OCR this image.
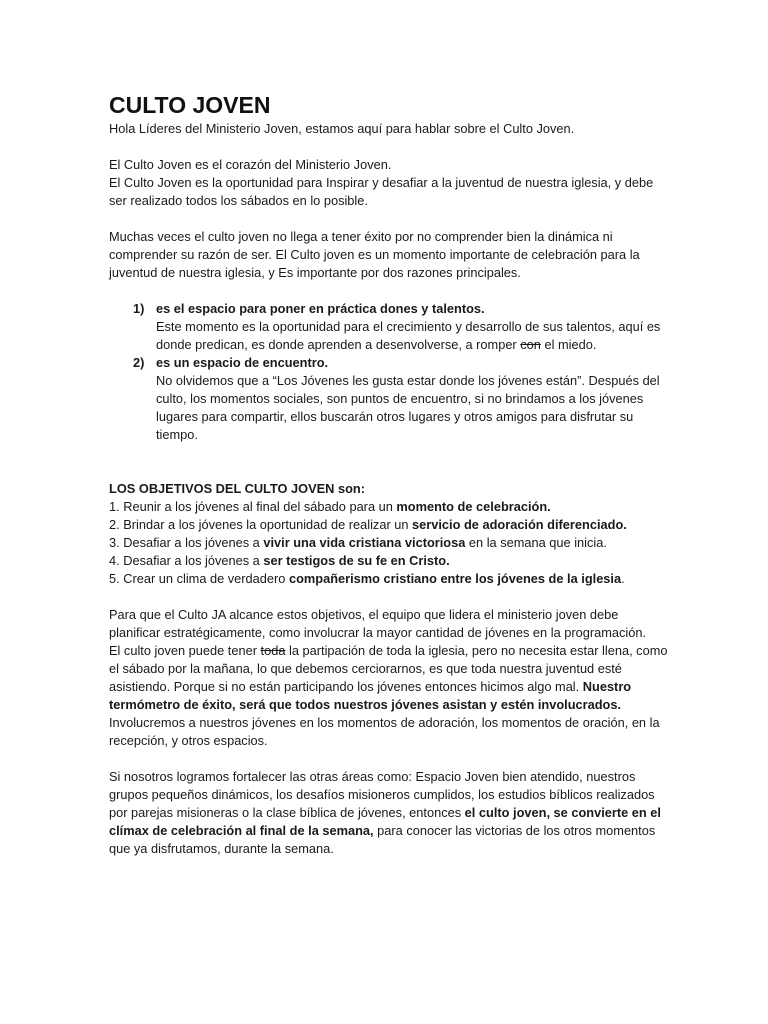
CULTO JOVEN

Hola Líderes del Ministerio Joven, estamos aquí para hablar sobre el Culto Joven.

El Culto Joven es el corazón del Ministerio Joven.

El Culto Joven es la oportunidad para Inspirar y desafiar a la juventud de nuestra iglesia, y debe ser realizado todos los sábados en lo posible.

Muchas veces el culto joven no llega a tener éxito por no comprender bien la dinámica ni comprender su razón de ser. El Culto joven es un momento importante de celebración para la juventud de nuestra iglesia, y Es importante por dos razones principales.

1) es el espacio para poner en práctica dones y talentos.

Este momento es la oportunidad para el crecimiento y desarrollo de sus talentos, aquí es donde predican, es donde aprenden a desenvolverse, a romper con el miedo.

2) es un espacio de encuentro.

No olvidemos que a “Los Jóvenes les gusta estar donde los jóvenes están”. Después del culto, los momentos sociales, son puntos de encuentro, si no brindamos a los jóvenes lugares para compartir, ellos buscarán otros lugares y otros amigos para disfrutar su tiempo.

LOS OBJETIVOS DEL CULTO JOVEN son:

1. Reunir a los jóvenes al final del sábado para un momento de celebración.

2. Brindar a los jóvenes la oportunidad de realizar un servicio de adoración diferenciado.

3. Desafiar a los jóvenes a vivir una vida cristiana victoriosa en la semana que inicia.

4. Desafiar a los jóvenes a ser testigos de su fe en Cristo.

5. Crear un clima de verdadero compañerismo cristiano entre los jóvenes de la iglesia.

Para que el Culto JA alcance estos objetivos, el equipo que lidera el ministerio joven debe planificar estratégicamente, como involucrar la mayor cantidad de jóvenes en la programación.

El culto joven puede tener toda la partipación de toda la iglesia, pero no necesita estar llena, como el sábado por la mañana, lo que debemos cerciorarnos, es que toda nuestra juventud esté asistiendo. Porque si no están participando los jóvenes entonces hicimos algo mal. Nuestro termómetro de éxito, será que todos nuestros jóvenes asistan y estén involucrados. Involucremos a nuestros jóvenes en los momentos de adoración, los momentos de oración, en la recepción, y otros espacios.

Si nosotros logramos fortalecer las otras áreas como: Espacio Joven bien atendido, nuestros grupos pequeños dinámicos, los desafíos misioneros cumplidos, los estudios bíblicos realizados por parejas misioneras o la clase bíblica de jóvenes, entonces el culto joven, se convierte en el clímax de celebración al final de la semana, para conocer las victorias de los otros momentos que ya disfrutamos, durante la semana.
